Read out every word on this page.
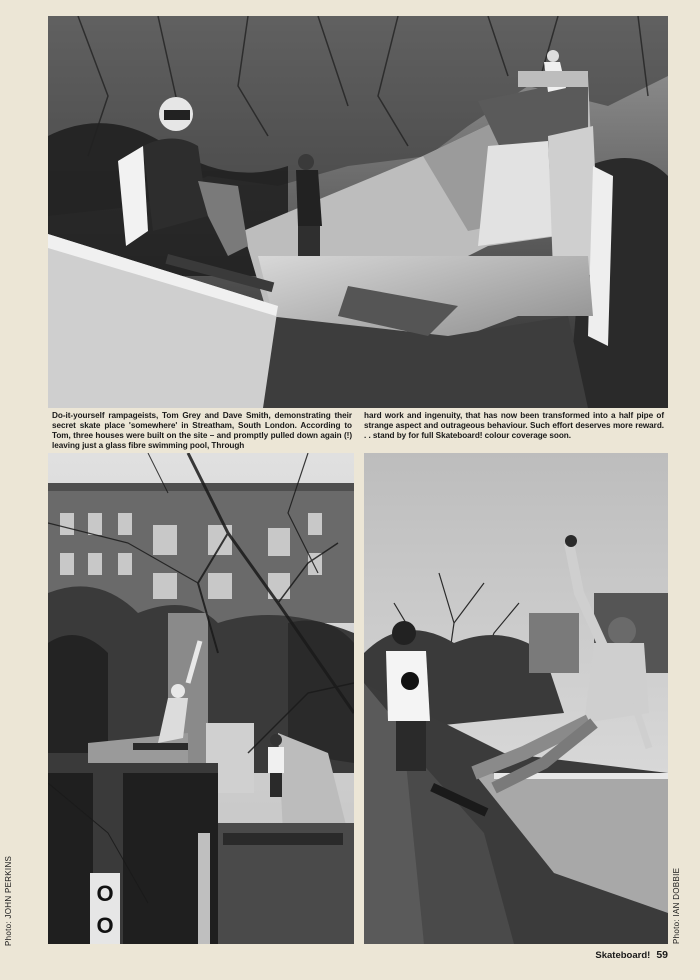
Do-it-yourself rampageists, Tom Grey and Dave Smith, demonstrating their secret skate place 'somewhere' in Streatham, South London. According to Tom, three houses were built on the site – and promptly pulled down again (!) leaving just a glass fibre swimming pool, Through
hard work and ingenuity, that has now been transformed into a half pipe of strange aspect and outrageous behaviour. Such effort deserves more reward. . . stand by for full Skateboard! colour coverage soon.
O
O
Photo: JOHN PERKINS	Photo: IAN DOBBIE
Skateboard! 59
